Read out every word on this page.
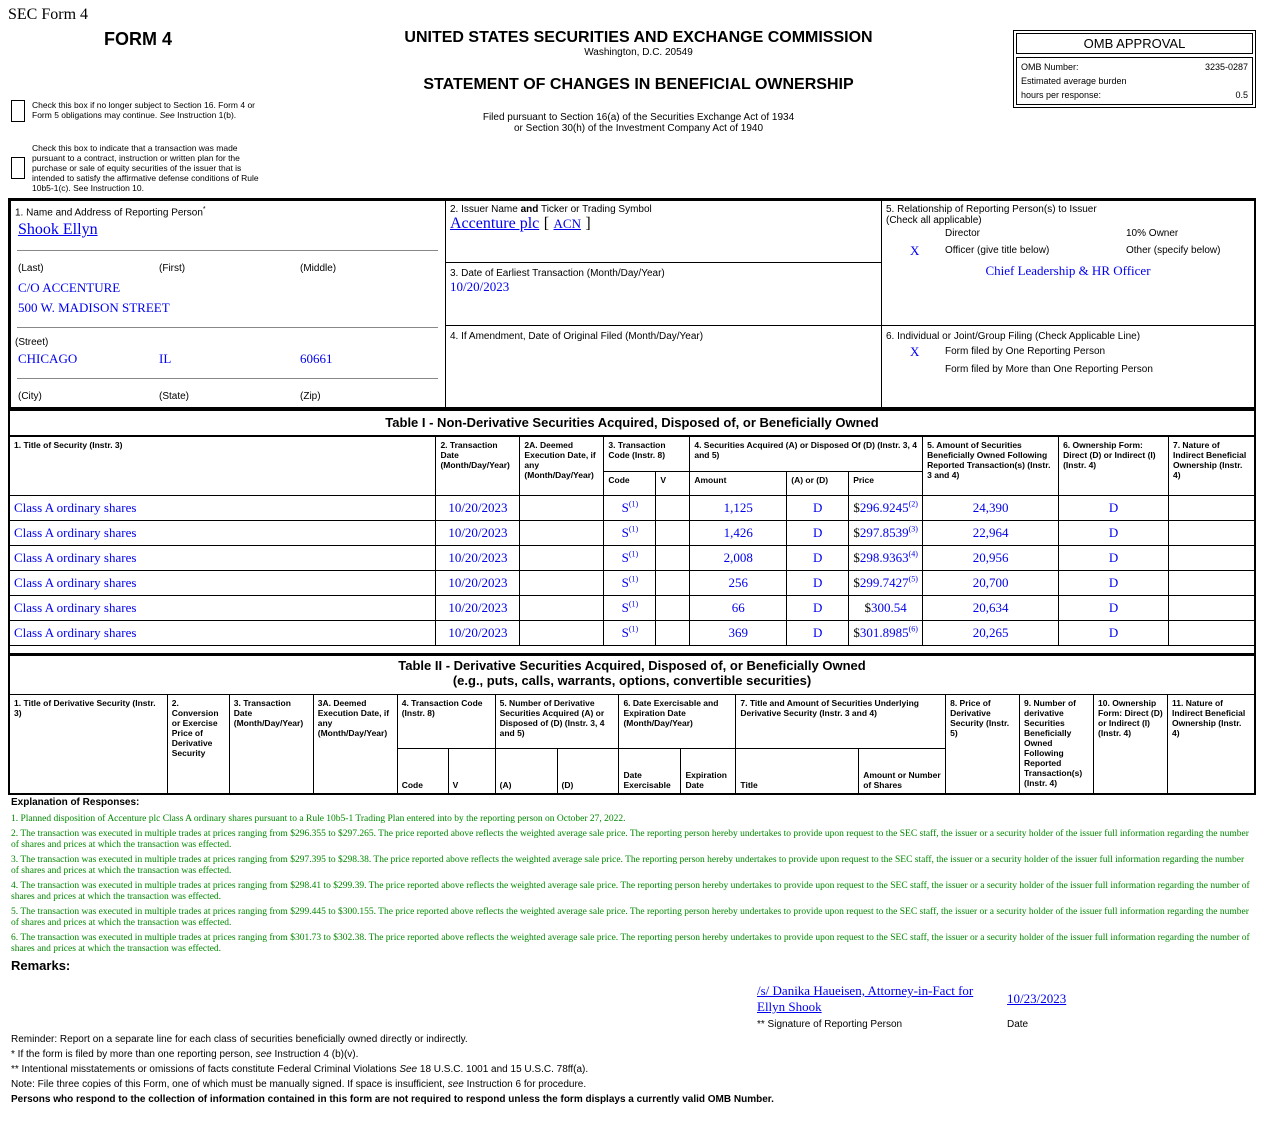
SEC Form 4
FORM 4	UNITED STATES SECURITIES AND EXCHANGE COMMISSION
Washington, D.C. 20549
STATEMENT OF CHANGES IN BENEFICIAL OWNERSHIP
Filed pursuant to Section 16(a) of the Securities Exchange Act of 1934
or Section 30(h) of the Investment Company Act of 1940
OMB APPROVAL
OMB Number:	3235-0287
Estimated average burden
hours per response:	0.5
Check this box if no longer subject to Section 16. Form 4 or Form 5 obligations may continue. See Instruction 1(b).
Check this box to indicate that a transaction was made pursuant to a contract, instruction or written plan for the purchase or sale of equity securities of the issuer that is intended to satisfy the affirmative defense conditions of Rule 10b5-1(c). See Instruction 10.
1. Name and Address of Reporting Person*
Shook Ellyn
(Last)	(First)	(Middle)
C/O ACCENTURE
500 W. MADISON STREET
(Street)
CHICAGO	IL	60661
(City)	(State)	(Zip)
2. Issuer Name and Ticker or Trading Symbol
Accenture plc [ ACN ]
3. Date of Earliest Transaction (Month/Day/Year)
10/20/2023
4. If Amendment, Date of Original Filed (Month/Day/Year)
5. Relationship of Reporting Person(s) to Issuer
(Check all applicable)
Director	10% Owner
X	Officer (give title below)	Other (specify below)
Chief Leadership & HR Officer
6. Individual or Joint/Group Filing (Check Applicable Line)
X	Form filed by One Reporting Person
Form filed by More than One Reporting Person
Table I - Non-Derivative Securities Acquired, Disposed of, or Beneficially Owned
1. Title of Security (Instr. 3)	2. Transaction Date (Month/Day/Year)	2A. Deemed Execution Date, if any (Month/Day/Year)	3. Transaction Code (Instr. 8)		4. Securities Acquired (A) or Disposed Of (D) (Instr. 3, 4 and 5)			5. Amount of Securities Beneficially Owned Following Reported Transaction(s) (Instr. 3 and 4)	6. Ownership Form: Direct (D) or Indirect (I) (Instr. 4)	7. Nature of Indirect Beneficial Ownership (Instr. 4)
			Code	V	Amount	(A) or (D)	Price			
Class A ordinary shares	10/20/2023		S$^{(1)}$		1,125	D	$296.9245$^{(2)}$	24,390	D	
Class A ordinary shares	10/20/2023		S$^{(1)}$		1,426	D	$297.8539$^{(3)}$	22,964	D	
Class A ordinary shares	10/20/2023		S$^{(1)}$		2,008	D	$298.9363$^{(4)}$	20,956	D	
Class A ordinary shares	10/20/2023		S$^{(1)}$		256	D	$299.7427$^{(5)}$	20,700	D	
Class A ordinary shares	10/20/2023		S$^{(1)}$		66	D	$300.54	20,634	D	
Class A ordinary shares	10/20/2023		S$^{(1)}$		369	D	$301.8985$^{(6)}$	20,265	D	
Table II - Derivative Securities Acquired, Disposed of, or Beneficially Owned
(e.g., puts, calls, warrants, options, convertible securities)
1. Title of Derivative Security (Instr. 3)	2. Conversion or Exercise Price of Derivative Security	3. Transaction Date (Month/Day/Year)	3A. Deemed Execution Date, if any (Month/Day/Year)	4. Transaction Code (Instr. 8)		5. Number of Derivative Securities Acquired (A) or Disposed of (D) (Instr. 3, 4 and 5)		6. Date Exercisable and Expiration Date (Month/Day/Year)		7. Title and Amount of Securities Underlying Derivative Security (Instr. 3 and 4)		8. Price of Derivative Security (Instr. 5)	9. Number of derivative Securities Beneficially Owned Following Reported Transaction(s) (Instr. 4)	10. Ownership Form: Direct (D) or Indirect (I) (Instr. 4)	11. Nature of Indirect Beneficial Ownership (Instr. 4)
				Code	V	(A)	(D)	Date Exercisable	Expiration Date	Title	Amount or Number of Shares				
Explanation of Responses:
1. Planned disposition of Accenture plc Class A ordinary shares pursuant to a Rule 10b5-1 Trading Plan entered into by the reporting person on October 27, 2022.
2. The transaction was executed in multiple trades at prices ranging from $296.355 to $297.265. The price reported above reflects the weighted average sale price. The reporting person hereby undertakes to provide upon request to the SEC staff, the issuer or a security holder of the issuer full information regarding the number of shares and prices at which the transaction was effected.
3. The transaction was executed in multiple trades at prices ranging from $297.395 to $298.38. The price reported above reflects the weighted average sale price. The reporting person hereby undertakes to provide upon request to the SEC staff, the issuer or a security holder of the issuer full information regarding the number of shares and prices at which the transaction was effected.
4. The transaction was executed in multiple trades at prices ranging from $298.41 to $299.39. The price reported above reflects the weighted average sale price. The reporting person hereby undertakes to provide upon request to the SEC staff, the issuer or a security holder of the issuer full information regarding the number of shares and prices at which the transaction was effected.
5. The transaction was executed in multiple trades at prices ranging from $299.445 to $300.155. The price reported above reflects the weighted average sale price. The reporting person hereby undertakes to provide upon request to the SEC staff, the issuer or a security holder of the issuer full information regarding the number of shares and prices at which the transaction was effected.
6. The transaction was executed in multiple trades at prices ranging from $301.73 to $302.38. The price reported above reflects the weighted average sale price. The reporting person hereby undertakes to provide upon request to the SEC staff, the issuer or a security holder of the issuer full information regarding the number of shares and prices at which the transaction was effected.
Remarks:
/s/ Danika Haueisen, Attorney-in-Fact for Ellyn Shook
10/23/2023
** Signature of Reporting Person	Date
Reminder: Report on a separate line for each class of securities beneficially owned directly or indirectly.
* If the form is filed by more than one reporting person, see Instruction 4 (b)(v).
** Intentional misstatements or omissions of facts constitute Federal Criminal Violations See 18 U.S.C. 1001 and 15 U.S.C. 78ff(a).
Note: File three copies of this Form, one of which must be manually signed. If space is insufficient, see Instruction 6 for procedure.
Persons who respond to the collection of information contained in this form are not required to respond unless the form displays a currently valid OMB Number.
